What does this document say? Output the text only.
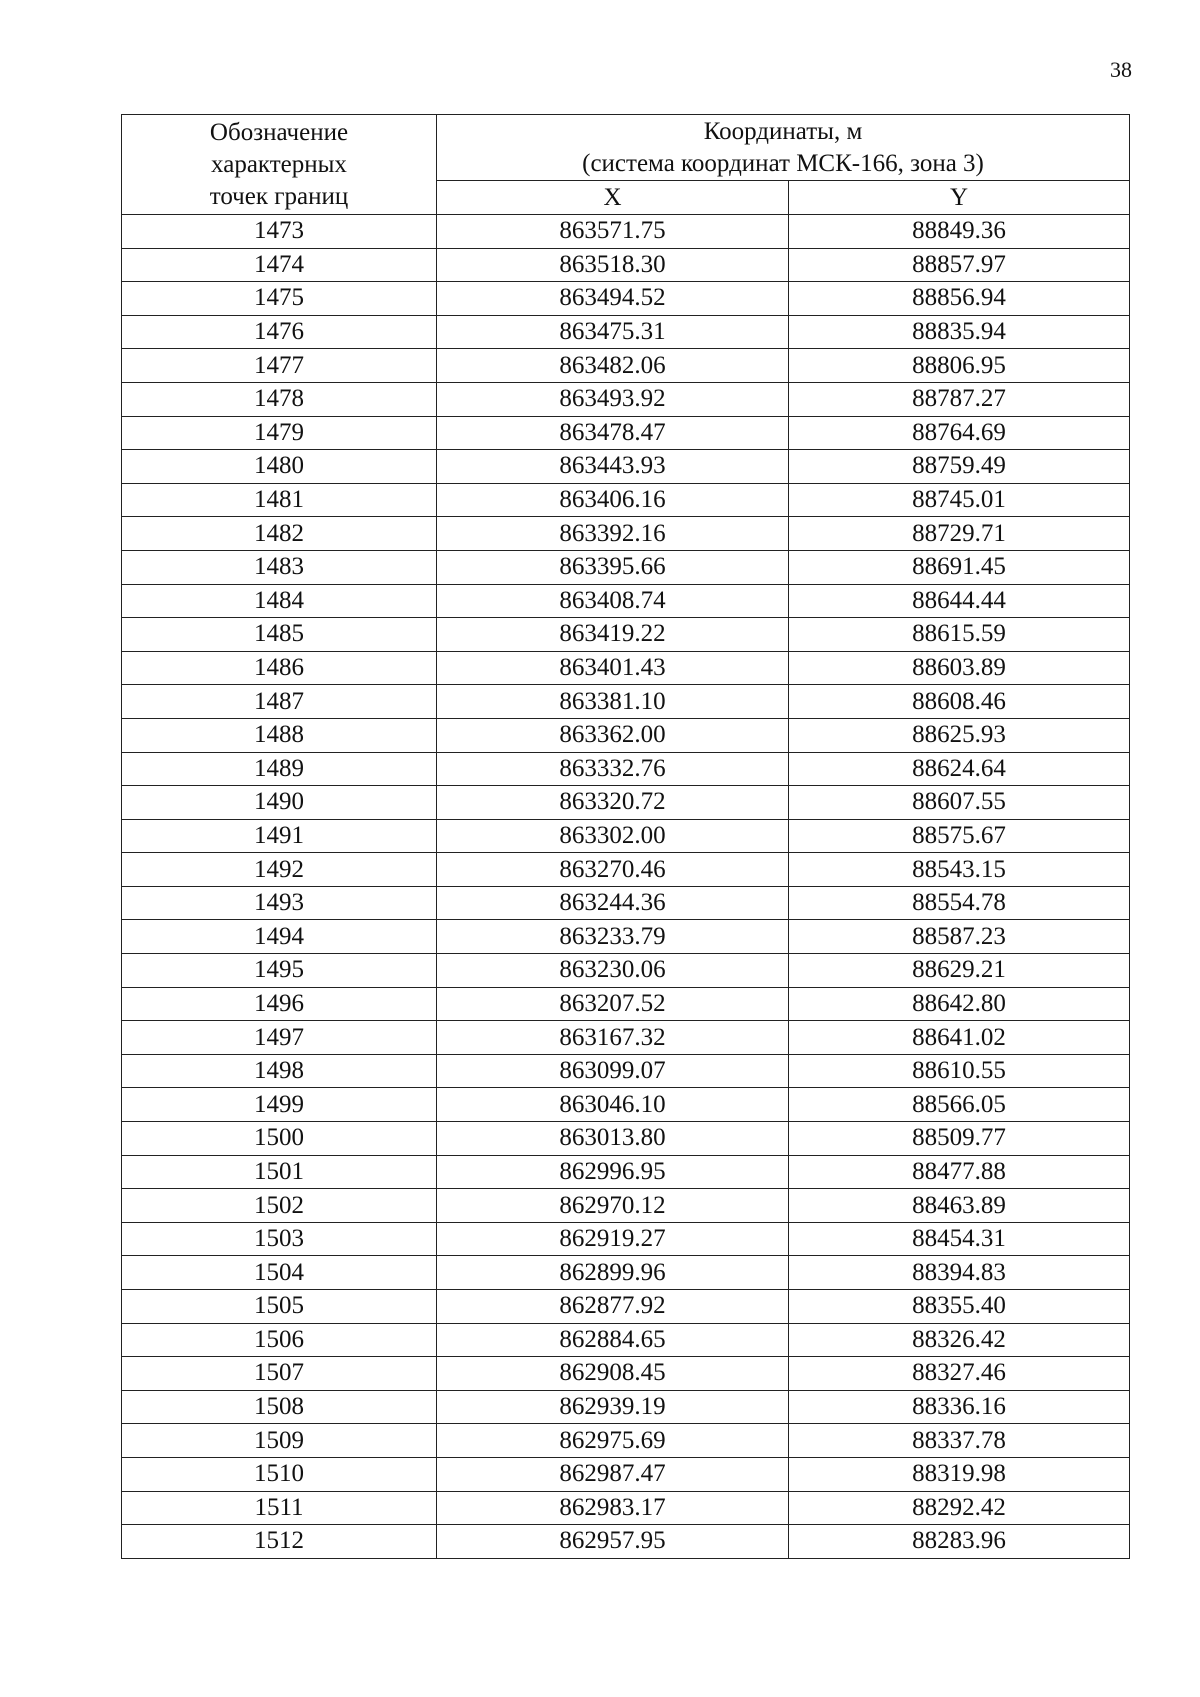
38
Обозначение
характерных
точек границ	Координаты, м
(система координат МСК-166, зона 3)	

	X	Y
1473	863571.75	88849.36
1474	863518.30	88857.97
1475	863494.52	88856.94
1476	863475.31	88835.94
1477	863482.06	88806.95
1478	863493.92	88787.27
1479	863478.47	88764.69
1480	863443.93	88759.49
1481	863406.16	88745.01
1482	863392.16	88729.71
1483	863395.66	88691.45
1484	863408.74	88644.44
1485	863419.22	88615.59
1486	863401.43	88603.89
1487	863381.10	88608.46
1488	863362.00	88625.93
1489	863332.76	88624.64
1490	863320.72	88607.55
1491	863302.00	88575.67
1492	863270.46	88543.15
1493	863244.36	88554.78
1494	863233.79	88587.23
1495	863230.06	88629.21
1496	863207.52	88642.80
1497	863167.32	88641.02
1498	863099.07	88610.55
1499	863046.10	88566.05
1500	863013.80	88509.77
1501	862996.95	88477.88
1502	862970.12	88463.89
1503	862919.27	88454.31
1504	862899.96	88394.83
1505	862877.92	88355.40
1506	862884.65	88326.42
1507	862908.45	88327.46
1508	862939.19	88336.16
1509	862975.69	88337.78
1510	862987.47	88319.98
1511	862983.17	88292.42
1512	862957.95	88283.96
